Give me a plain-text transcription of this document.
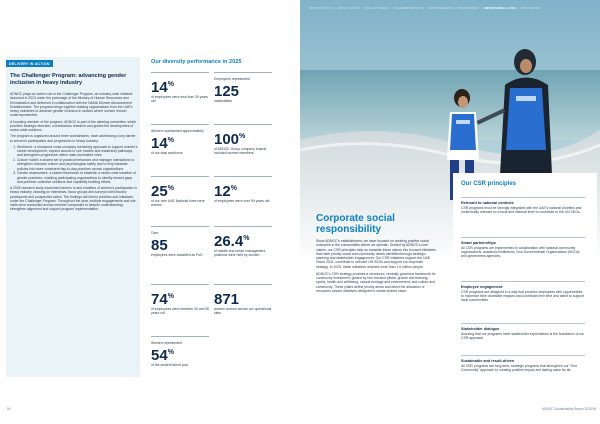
DELIVERY IN ACTION
The Challenger Program: advancing gender inclusion in heavy industry

ADNOC plays an active role in the Challenger Program, an industry-wide initiative launched in 2023 under the patronage of the Ministry of Human Resources and Emiratization and delivered in collaboration with the NAMA Women Advancement Establishment. The program brings together leading organizations from the UAE’s heavy industries to advance gender inclusion in sectors where women remain underrepresented.

A founding member of the program, ADNOC is part of the steering committee, which provides strategic direction, commissions research and guides the development of sector-wide solutions.

The program is organized around three workstreams, each addressing a key barrier to women’s participation and progression in heavy industry:

1. Workforce: a structured cross-company mentoring approach to support women’s career development, expand access to role models and leadership pathways, and strengthen progression within male-dominated roles.
2. Culture toolkit: a shared set of practical behaviors and manager interactions to strengthen inclusive culture and psychological safety and to help translate policies into more consistent day-to-day practices across organizations.
3. Gender assessment: a shared framework to establish a sector-wide baseline of gender practices, enabling participating organizations to identify shared gaps and prioritize collective solutions and capability building efforts.

A 2025 research study examined barriers to and enablers of women’s participation in heavy industry, drawing on interviews, focus groups and surveys with industry participants and prospective talent. The findings will inform priorities and initiatives under the Challenger Program. Throughout the year, multiple engagements and site visits were conducted across member companies to deepen understanding, strengthen alignment and support program implementation.

Our diversity performance in 2025
14%
of employees were less than 30 years old
Employees represented
125
nationalities
Women represented approximately
14%
of our total workforce
100%
of ADNOC Group company boards included women members
25%
of our new UAE National hires were women
12%
of employees were over 50 years old
Over
85
employees were classified as PoD
26.4%
of middle and senior management positions were held by women
74%
of employees were between 30 and 50 years old
871
women worked across our operational sites
Women represented
54%
of the student talent pool
94
INTRODUCTION  |  ABOUT ADNOC  |  OUR APPROACH  |  DECARBONIZATION  |  ENVIRONMENTAL STEWARDSHIP  |  EMPOWERING LIVES  |  APPENDICES
Corporate social responsibility

Since ADNOC’s establishment, we have focused on creating positive social outcomes in the communities where we operate. Guided by ADNOC’s core values, our CSR principles help us translate these values into focused initiatives that meet priority social and community needs identified through strategic planning and stakeholder engagement. Our CSR initiatives support the UAE Vision 2031, contribute to relevant UN SDGs and support our corporate strategy. In 2025, these initiatives reached more than 1.6 million people.

ADNOC’s CSR strategy provides a structured, centrally governed framework for community investment, guided by four focused pillars: growth and learning; sports, health and wellbeing; natural heritage and environment; and culture and community. These pillars define priority areas and direct the allocation of resources toward initiatives designed to create shared value.

Our CSR principles
Relevant to national contexts
CSR programs must be strongly integrated with the UAE’s national priorities and contextually relevant on a local and national level to contribute to the UN SDGs.
Smart partnerships
All CSR programs are implemented in collaboration with national community organizations, academic institutions, Non-Governmental Organizations (NGOs) and government agencies.
Employee engagement
CSR programs are designed in a way that provides employees with opportunities to maximize their charitable impacts and contribute their time and talent to support local communities.
Stakeholder dialogue
Assuring that our programs meet stakeholder expectations is the foundation of our CSR approach.
Sustainable and result-driven
All CSR programs are long-term, strategic programs that strengthen our “One Community” approach to creating positive impact and lasting value for all.
ADNOC Sustainability Report 2025 95
